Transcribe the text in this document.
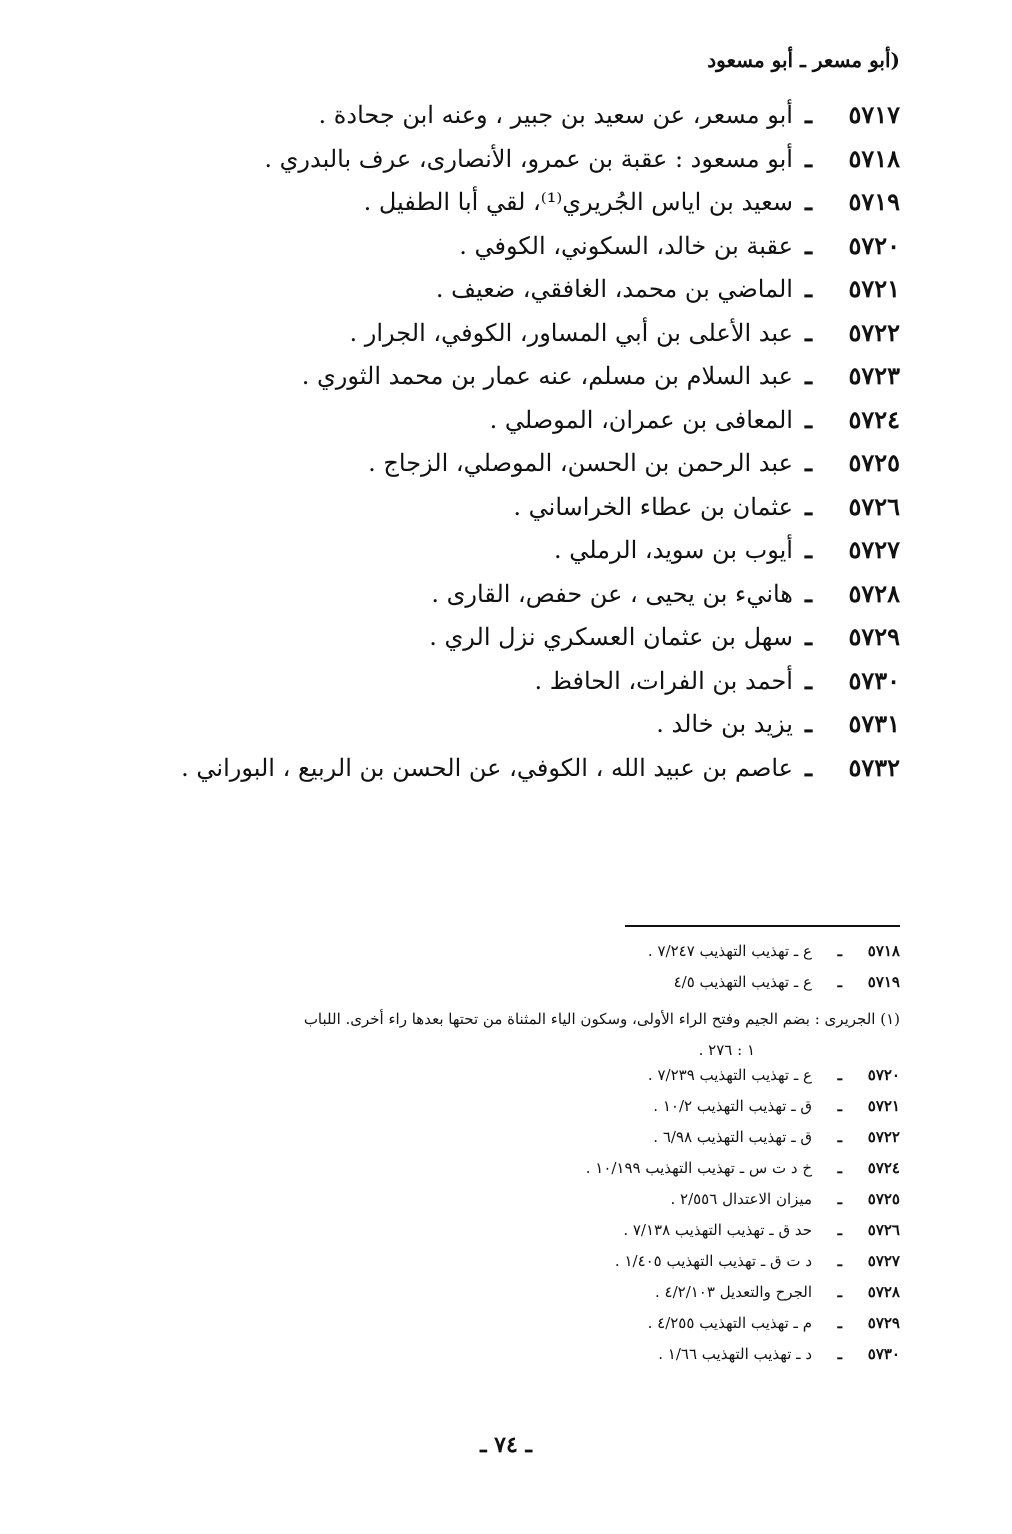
(أبو مسعر ـ أبو مسعود
٥٧١٧
ـ
أبو مسعر، عن سعيد بن جبير ، وعنه ابن جحادة .
٥٧١٨
ـ
أبو مسعود : عقبة بن عمرو، الأنصارى، عرف بالبدري .
٥٧١٩
ـ
سعيد بن اياس الجُريري⁽¹⁾، لقي أبا الطفيل .
٥٧٢٠
ـ
عقبة بن خالد، السكوني، الكوفي .
٥٧٢١
ـ
الماضي بن محمد، الغافقي، ضعيف .
٥٧٢٢
ـ
عبد الأعلى بن أبي المساور، الكوفي، الجرار .
٥٧٢٣
ـ
عبد السلام بن مسلم، عنه عمار بن محمد الثوري .
٥٧٢٤
ـ
المعافى بن عمران، الموصلي .
٥٧٢٥
ـ
عبد الرحمن بن الحسن، الموصلي، الزجاج .
٥٧٢٦
ـ
عثمان بن عطاء الخراساني .
٥٧٢٧
ـ
أيوب بن سويد، الرملي .
٥٧٢٨
ـ
هانيء بن يحيى ، عن حفص، القارى .
٥٧٢٩
ـ
سهل بن عثمان العسكري نزل الري .
٥٧٣٠
ـ
أحمد بن الفرات، الحافظ .
٥٧٣١
ـ
يزيد بن خالد .
٥٧٣٢
ـ
عاصم بن عبيد الله ، الكوفي، عن الحسن بن الربيع ، البوراني .
٥٧١٨
ـ
ع ـ تهذيب التهذيب ٧/٢٤٧ .
٥٧١٩
ـ
ع ـ تهذيب التهذيب ٤/٥
(١) الجريرى : بضم الجيم وفتح الراء الأولى، وسكون الياء المثناة من تحتها بعدها راء أخرى. اللباب
١ : ٢٧٦ .
٥٧٢٠
ـ
ع ـ تهذيب التهذيب ٧/٢٣٩ .
٥٧٢١
ـ
ق ـ تهذيب التهذيب ١٠/٢ .
٥٧٢٢
ـ
ق ـ تهذيب التهذيب ٦/٩٨ .
٥٧٢٤
ـ
خ د ت س ـ تهذيب التهذيب ١٠/١٩٩ .
٥٧٢٥
ـ
ميزان الاعتدال ٢/٥٥٦ .
٥٧٢٦
ـ
حد ق ـ تهذيب التهذيب ٧/١٣٨ .
٥٧٢٧
ـ
د ت ق ـ تهذيب التهذيب ١/٤٠٥ .
٥٧٢٨
ـ
الجرح والتعديل ٤/٢/١٠٣ .
٥٧٢٩
ـ
م ـ تهذيب التهذيب ٤/٢٥٥ .
٥٧٣٠
ـ
د ـ تهذيب التهذيب ١/٦٦ .
ـ ٧٤ ـ
